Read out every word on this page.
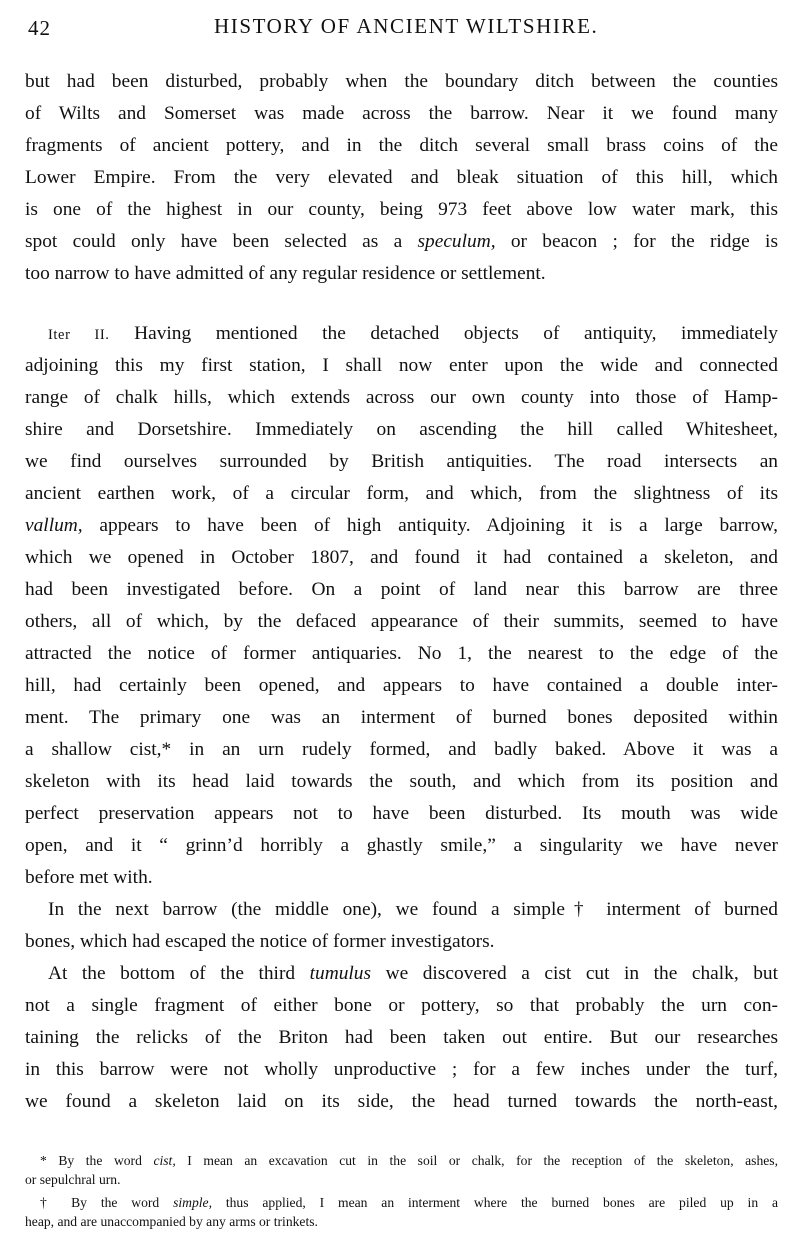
42	HISTORY OF ANCIENT WILTSHIRE.
but had been disturbed, probably when the boundary ditch between the counties
of Wilts and Somerset was made across the barrow. Near it we found many
fragments of ancient pottery, and in the ditch several small brass coins of the
Lower Empire. From the very elevated and bleak situation of this hill, which
is one of the highest in our county, being 973 feet above low water mark, this
spot could only have been selected as a speculum, or beacon ; for the ridge is
too narrow to have admitted of any regular residence or settlement.
Iter II. Having mentioned the detached objects of antiquity, immediately
adjoining this my first station, I shall now enter upon the wide and connected
range of chalk hills, which extends across our own county into those of Hamp-
shire and Dorsetshire. Immediately on ascending the hill called Whitesheet,
we find ourselves surrounded by British antiquities. The road intersects an
ancient earthen work, of a circular form, and which, from the slightness of its
vallum, appears to have been of high antiquity. Adjoining it is a large barrow,
which we opened in October 1807, and found it had contained a skeleton, and
had been investigated before. On a point of land near this barrow are three
others, all of which, by the defaced appearance of their summits, seemed to have
attracted the notice of former antiquaries. No 1, the nearest to the edge of the
hill, had certainly been opened, and appears to have contained a double inter-
ment. The primary one was an interment of burned bones deposited within
a shallow cist,* in an urn rudely formed, and badly baked. Above it was a
skeleton with its head laid towards the south, and which from its position and
perfect preservation appears not to have been disturbed. Its mouth was wide
open, and it “ grinn’d horribly a ghastly smile,” a singularity we have never
before met with.
In the next barrow (the middle one), we found a simple† interment of burned
bones, which had escaped the notice of former investigators.
At the bottom of the third tumulus we discovered a cist cut in the chalk, but
not a single fragment of either bone or pottery, so that probably the urn con-
taining the relicks of the Briton had been taken out entire. But our researches
in this barrow were not wholly unproductive ; for a few inches under the turf,
we found a skeleton laid on its side, the head turned towards the north-east,
* By the word cist, I mean an excavation cut in the soil or chalk, for the reception of the skeleton, ashes,
or sepulchral urn.
† By the word simple, thus applied, I mean an interment where the burned bones are piled up in a
heap, and are unaccompanied by any arms or trinkets.
